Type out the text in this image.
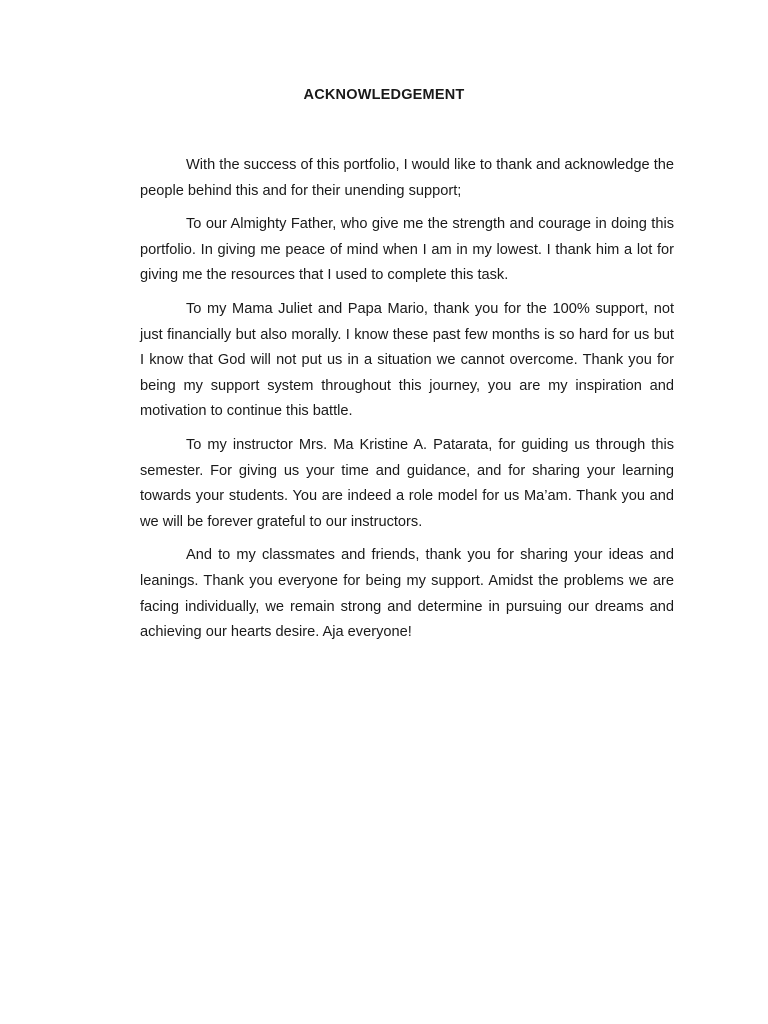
ACKNOWLEDGEMENT

With the success of this portfolio, I would like to thank and acknowledge the people behind this and for their unending support;

To our Almighty Father, who give me the strength and courage in doing this portfolio. In giving me peace of mind when I am in my lowest. I thank him a lot for giving me the resources that I used to complete this task.

To my Mama Juliet and Papa Mario, thank you for the 100% support, not just financially but also morally. I know these past few months is so hard for us but I know that God will not put us in a situation we cannot overcome. Thank you for being my support system throughout this journey, you are my inspiration and motivation to continue this battle.

To my instructor Mrs. Ma Kristine A. Patarata, for guiding us through this semester. For giving us your time and guidance, and for sharing your learning towards your students. You are indeed a role model for us Ma’am. Thank you and we will be forever grateful to our instructors.

And to my classmates and friends, thank you for sharing your ideas and leanings. Thank you everyone for being my support. Amidst the problems we are facing individually, we remain strong and determine in pursuing our dreams and achieving our hearts desire. Aja everyone!
